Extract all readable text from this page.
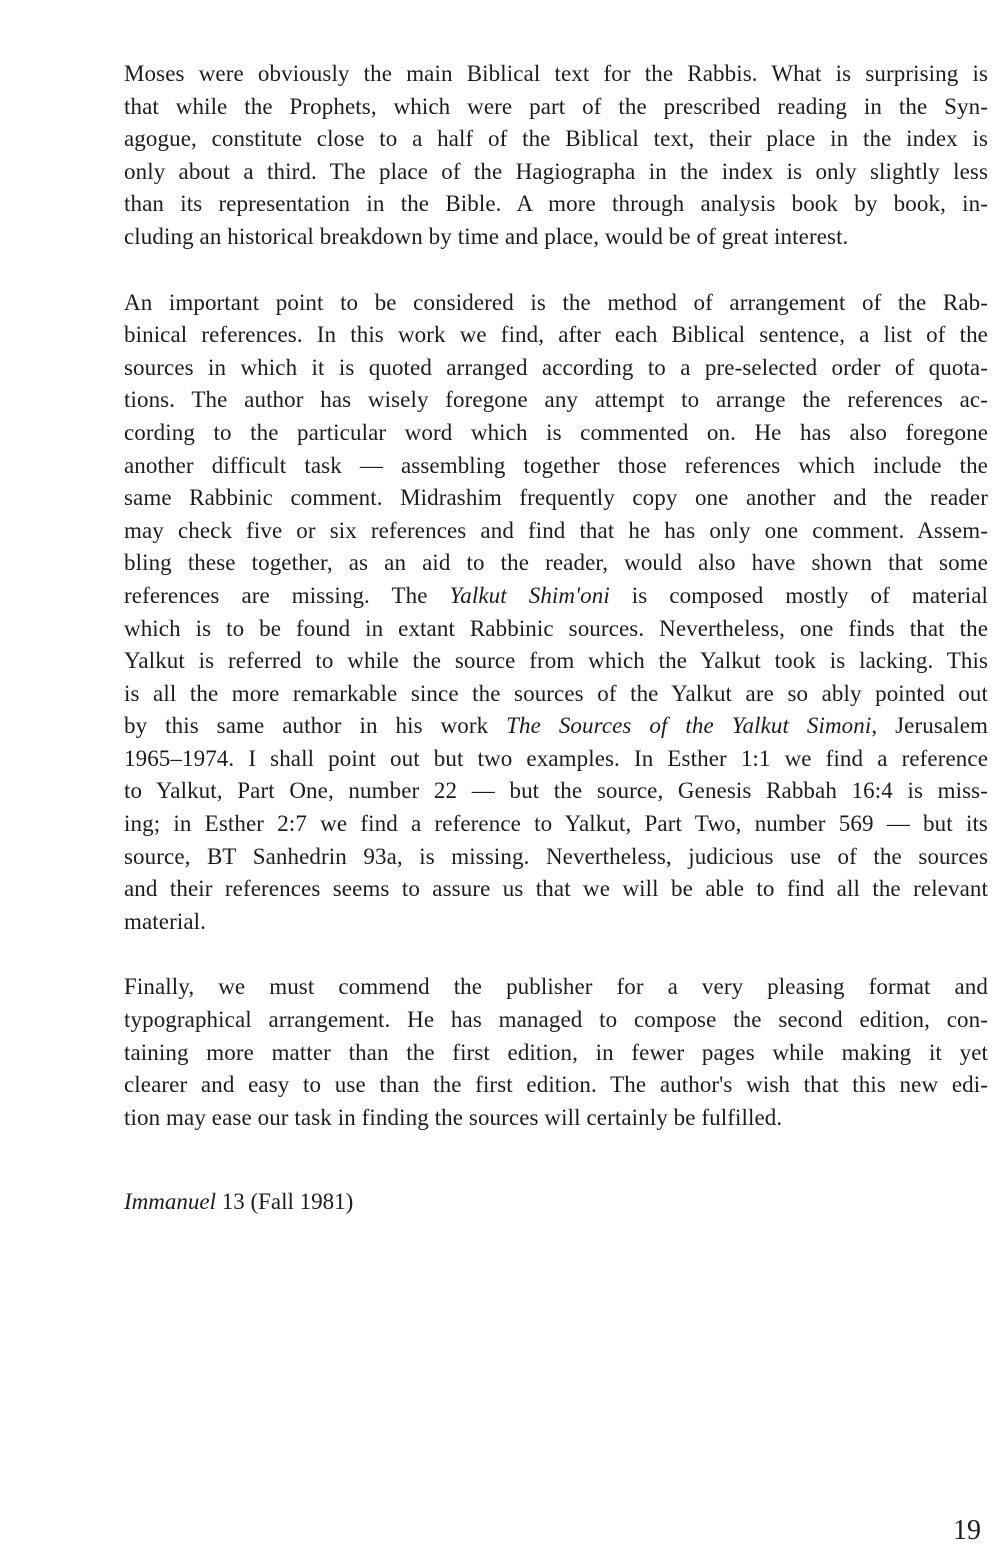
Moses were obviously the main Biblical text for the Rabbis. What is surprising is
that while the Prophets, which were part of the prescribed reading in the Syn-
agogue, constitute close to a half of the Biblical text, their place in the index is
only about a third. The place of the Hagiographa in the index is only slightly less
than its representation in the Bible. A more through analysis book by book, in-
cluding an historical breakdown by time and place, would be of great interest.
An important point to be considered is the method of arrangement of the Rab-
binical references. In this work we find, after each Biblical sentence, a list of the
sources in which it is quoted arranged according to a pre-selected order of quota-
tions. The author has wisely foregone any attempt to arrange the references ac-
cording to the particular word which is commented on. He has also foregone
another difficult task — assembling together those references which include the
same Rabbinic comment. Midrashim frequently copy one another and the reader
may check five or six references and find that he has only one comment. Assem-
bling these together, as an aid to the reader, would also have shown that some
references are missing. The Yalkut Shim'oni is composed mostly of material
which is to be found in extant Rabbinic sources. Nevertheless, one finds that the
Yalkut is referred to while the source from which the Yalkut took is lacking. This
is all the more remarkable since the sources of the Yalkut are so ably pointed out
by this same author in his work The Sources of the Yalkut Simoni, Jerusalem
1965–1974. I shall point out but two examples. In Esther 1:1 we find a reference
to Yalkut, Part One, number 22 — but the source, Genesis Rabbah 16:4 is miss-
ing; in Esther 2:7 we find a reference to Yalkut, Part Two, number 569 — but its
source, BT Sanhedrin 93a, is missing. Nevertheless, judicious use of the sources
and their references seems to assure us that we will be able to find all the relevant
material.
Finally, we must commend the publisher for a very pleasing format and
typographical arrangement. He has managed to compose the second edition, con-
taining more matter than the first edition, in fewer pages while making it yet
clearer and easy to use than the first edition. The author's wish that this new edi-
tion may ease our task in finding the sources will certainly be fulfilled.
Immanuel 13 (Fall 1981)
19
